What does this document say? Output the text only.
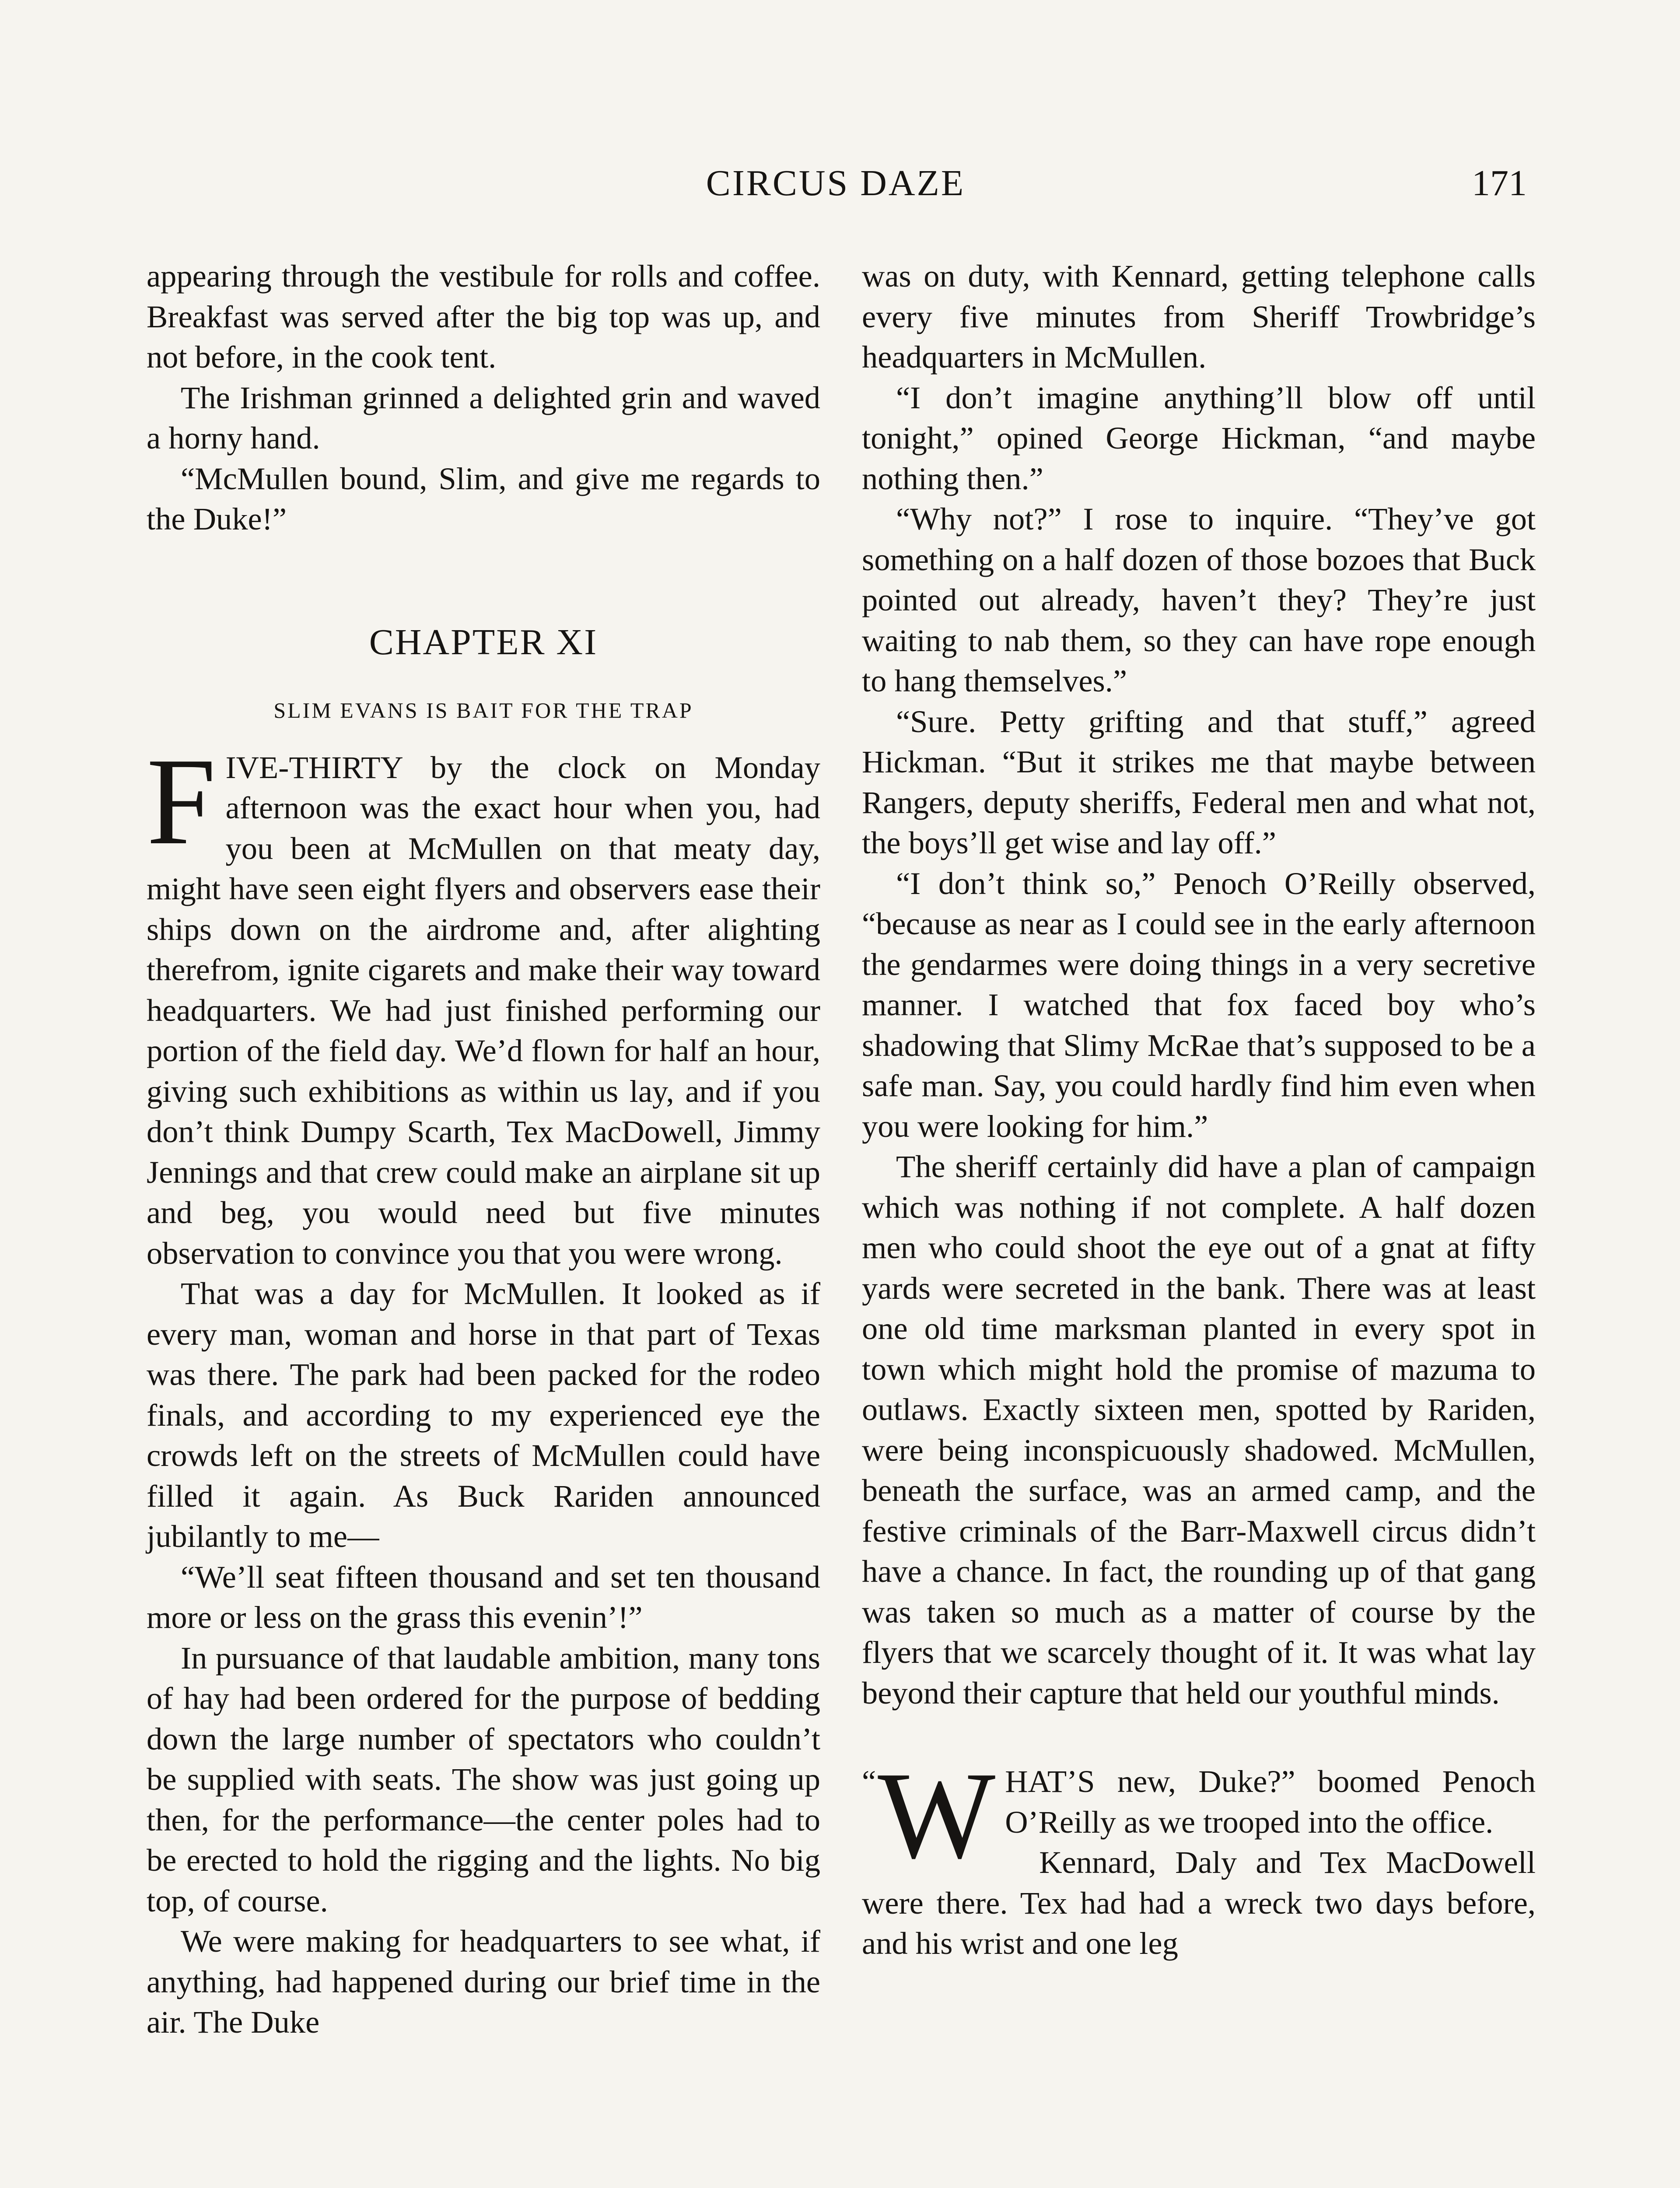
CIRCUS DAZE	171

appearing through the vestibule for rolls and coffee. Breakfast was served after the big top was up, and not before, in the cook tent.

The Irishman grinned a delighted grin and waved a horny hand.

“McMullen bound, Slim, and give me regards to the Duke!”

CHAPTER XI
SLIM EVANS IS BAIT FOR THE TRAP

FIVE-THIRTY by the clock on Monday afternoon was the exact hour when you, had you been at McMullen on that meaty day, might have seen eight flyers and observers ease their ships down on the airdrome and, after alighting therefrom, ignite cigarets and make their way toward headquarters. We had just finished performing our portion of the field day. We’d flown for half an hour, giving such exhibitions as within us lay, and if you don’t think Dumpy Scarth, Tex MacDowell, Jimmy Jennings and that crew could make an airplane sit up and beg, you would need but five minutes observation to convince you that you were wrong.

That was a day for McMullen. It looked as if every man, woman and horse in that part of Texas was there. The park had been packed for the rodeo finals, and according to my experienced eye the crowds left on the streets of McMullen could have filled it again. As Buck Rariden announced jubilantly to me—

“We’ll seat fifteen thousand and set ten thousand more or less on the grass this evenin’!”

In pursuance of that laudable ambition, many tons of hay had been ordered for the purpose of bedding down the large number of spectators who couldn’t be supplied with seats. The show was just going up then, for the performance—the center poles had to be erected to hold the rigging and the lights. No big top, of course.

We were making for headquarters to see what, if anything, had happened during our brief time in the air. The Duke

was on duty, with Kennard, getting telephone calls every five minutes from Sheriff Trowbridge’s headquarters in McMullen.

“I don’t imagine anything’ll blow off until tonight,” opined George Hickman, “and maybe nothing then.”

“Why not?” I rose to inquire. “They’ve got something on a half dozen of those bozoes that Buck pointed out already, haven’t they? They’re just waiting to nab them, so they can have rope enough to hang themselves.”

“Sure. Petty grifting and that stuff,” agreed Hickman. “But it strikes me that maybe between Rangers, deputy sheriffs, Federal men and what not, the boys’ll get wise and lay off.”

“I don’t think so,” Penoch O’Reilly observed, “because as near as I could see in the early afternoon the gendarmes were doing things in a very secretive manner. I watched that fox faced boy who’s shadowing that Slimy McRae that’s supposed to be a safe man. Say, you could hardly find him even when you were looking for him.”

The sheriff certainly did have a plan of campaign which was nothing if not complete. A half dozen men who could shoot the eye out of a gnat at fifty yards were secreted in the bank. There was at least one old time marksman planted in every spot in town which might hold the promise of mazuma to outlaws. Exactly sixteen men, spotted by Rariden, were being inconspicuously shadowed. McMullen, beneath the surface, was an armed camp, and the festive criminals of the Barr-Maxwell circus didn’t have a chance. In fact, the rounding up of that gang was taken so much as a matter of course by the flyers that we scarcely thought of it. It was what lay beyond their capture that held our youthful minds.

“ W HAT’S new, Duke?” boomed Penoch O’Reilly as we trooped into the office.

Kennard, Daly and Tex MacDowell were there. Tex had had a wreck two days before, and his wrist and one leg
